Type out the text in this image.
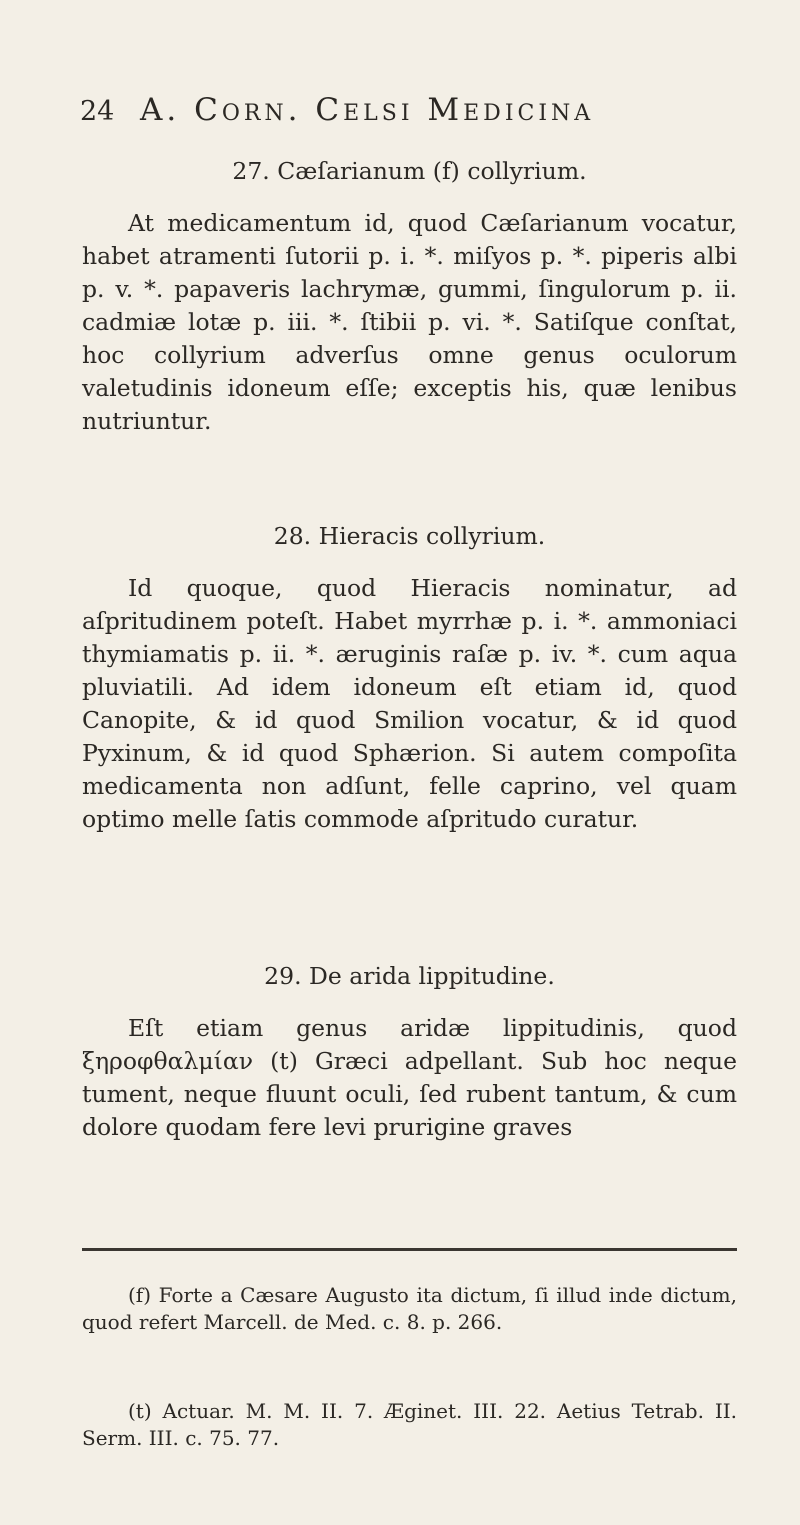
24 A. Corn. Celsi Medicina
27. Cæſarianum (f) collyrium.
At medicamentum id, quod Cæſarianum vocatur, habet atramenti ſutorii p. i. *. miſyos p. *. piperis albi p. v. *. papaveris lachrymæ, gummi, ſingulorum p. ii. cadmiæ lotæ p. iii. *. ſtibii p. vi. *. Satiſque conſtat, hoc collyrium adverſus omne genus oculorum valetudinis idoneum eſſe; exceptis his, quæ lenibus nutriuntur.
28. Hieracis collyrium.
Id quoque, quod Hieracis nominatur, ad aſpritudinem poteſt. Habet myrrhæ p. i. *. ammoniaci thymiamatis p. ii. *. æruginis raſæ p. iv. *. cum aqua pluviatili. Ad idem idoneum eſt etiam id, quod Canopite, & id quod Smilion vocatur, & id quod Pyxinum, & id quod Sphærion. Si autem compoſita medicamenta non adſunt, felle caprino, vel quam optimo melle ſatis commode aſpritudo curatur.
29. De arida lippitudine.
Eſt etiam genus aridæ lippitudinis, quod ξηροφθαλμίαν (t) Græci adpellant. Sub hoc neque tument, neque fluunt oculi, ſed rubent tantum, & cum dolore quodam fere levi prurigine graves
(f) Forte a Cæsare Augusto ita dictum, ſi illud inde dictum, quod refert Marcell. de Med. c. 8. p. 266.
(t) Actuar. M. M. II. 7. Æginet. III. 22. Aetius Tetrab. II. Serm. III. c. 75. 77.
